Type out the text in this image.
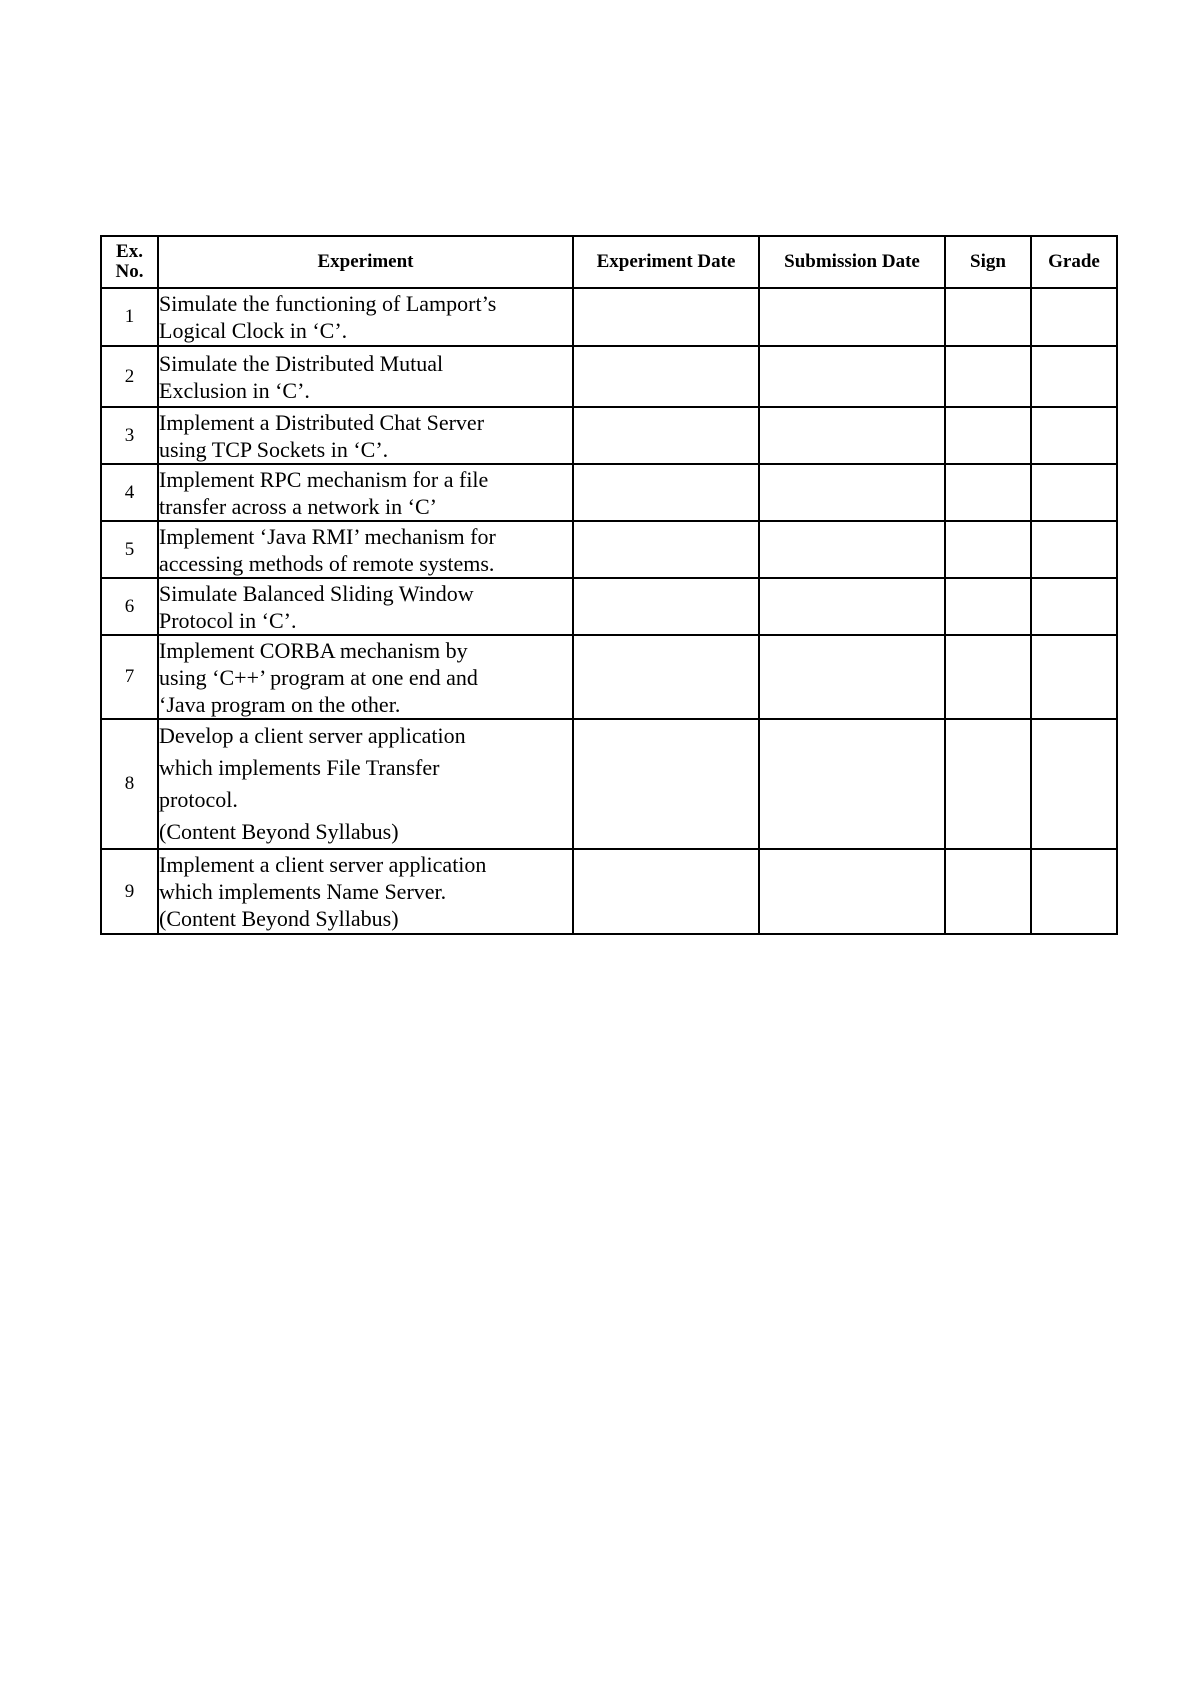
Ex.
No.	Experiment	Experiment Date	Submission Date	Sign	Grade
1	Simulate the functioning of Lamport’s
Logical Clock in ‘C’.				

2	Simulate the Distributed Mutual
Exclusion in ‘C’.				

3	Implement a Distributed Chat Server
using TCP Sockets in ‘C’.				

4	Implement RPC mechanism for a file
transfer across a network in ‘C’				

5	Implement ‘Java RMI’ mechanism for
accessing methods of remote systems.				

6	Simulate Balanced Sliding Window
Protocol in ‘C’.				

7	Implement CORBA mechanism by
using ‘C++’ program at one end and
‘Java program on the other.				

8	Develop a client server application
which implements File Transfer
protocol.
(Content Beyond Syllabus)				

9	Implement a client server application
which implements Name Server.
(Content Beyond Syllabus)				
